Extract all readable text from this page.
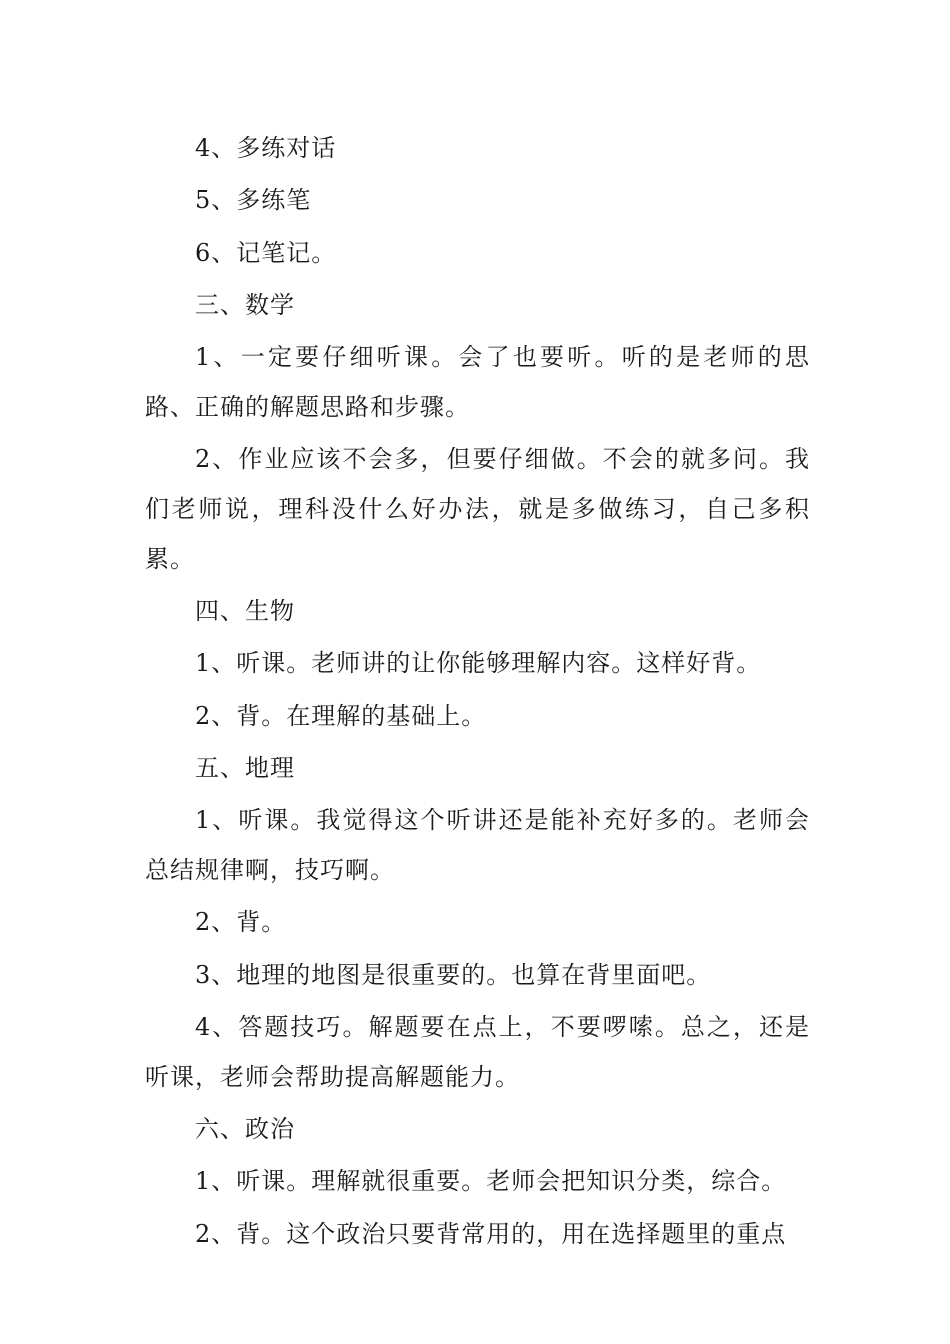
4、多练对话

5、多练笔

6、记笔记。

三、数学

1、一定要仔细听课。会了也要听。听的是老师的思路、正确的解题思路和步骤。

2、作业应该不会多，但要仔细做。不会的就多问。我们老师说，理科没什么好办法，就是多做练习，自己多积累。

四、生物

1、听课。老师讲的让你能够理解内容。这样好背。

2、背。在理解的基础上。

五、地理

1、听课。我觉得这个听讲还是能补充好多的。老师会总结规律啊，技巧啊。

2、背。

3、地理的地图是很重要的。也算在背里面吧。

4、答题技巧。解题要在点上，不要啰嗦。总之，还是听课，老师会帮助提高解题能力。

六、政治

1、听课。理解就很重要。老师会把知识分类，综合。

2、背。这个政治只要背常用的，用在选择题里的重点
